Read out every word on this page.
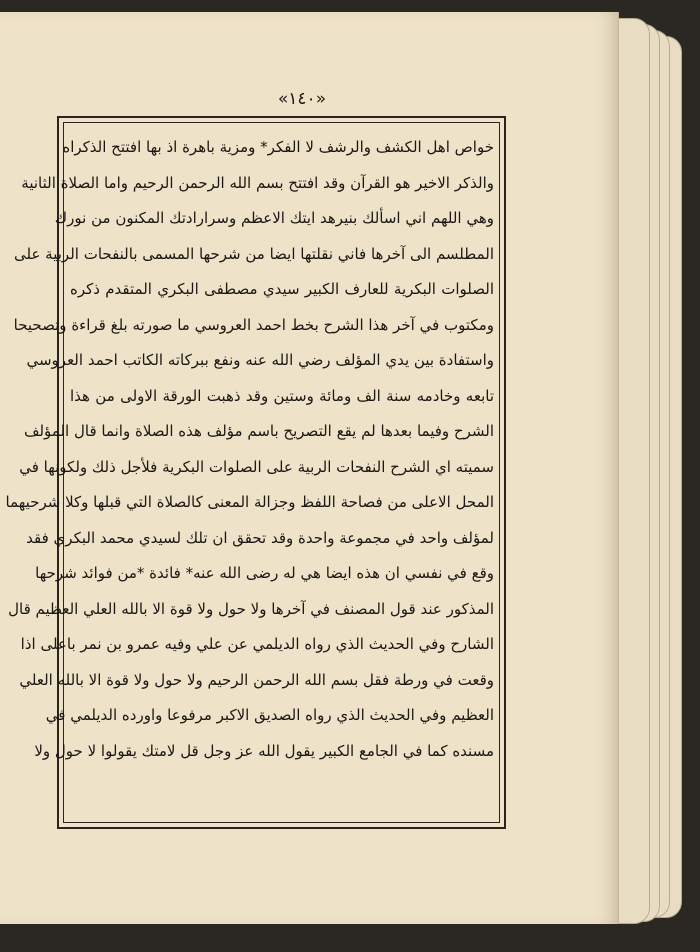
«١٤٠»
خواص اهل الكشف والرشف لا الفكر* ومزية باهرة اذ بها افتتح الذكراه
والذكر الاخير هو القرآن وقد افتتح بسم الله الرحمن الرحيم واما الصلاة الثانية
وهي اللهم اني اسألك بنيرهد ايتك الاعظم وسرارادتك المكنون من نورك
المطلسم الى آخرها فاني نقلتها ايضا من شرحها المسمى بالنفحات الربية على
الصلوات البكرية للعارف الكبير سيدي مصطفى البكري المتقدم ذكره
ومكتوب في آخر هذا الشرح بخط احمد العروسي ما صورته بلغ قراءة وتصحيحا
واستفادة بين يدي المؤلف رضي الله عنه ونفع ببركاته الكاتب احمد العروسي
تابعه وخادمه سنة الف ومائة وستين وقد ذهبت الورقة الاولى من هذا
الشرح وفيما بعدها لم يقع التصريح باسم مؤلف هذه الصلاة وانما قال المؤلف
سميته اي الشرح النفحات الربية على الصلوات البكرية فلأجل ذلك ولكونها في
المحل الاعلى من فصاحة اللفظ وجزالة المعنى كالصلاة التي قبلها وكلا شرحيهما
لمؤلف واحد في مجموعة واحدة وقد تحقق ان تلك لسيدي محمد البكري فقد
وقع في نفسي ان هذه ايضا هي له رضى الله عنه* فائدة *من فوائد شرحها
المذكور عند قول المصنف في آخرها ولا حول ولا قوة الا بالله العلي العظيم قال
الشارح وفي الحديث الذي رواه الديلمي عن علي وفيه عمرو بن نمر باعلى اذا
وقعت في ورطة فقل بسم الله الرحمن الرحيم ولا حول ولا قوة الا بالله العلي
العظيم وفي الحديث الذي رواه الصديق الاكبر مرفوعا واورده الديلمي في
مسنده كما في الجامع الكبير يقول الله عز وجل قل لامتك يقولوا لا حول ولا
